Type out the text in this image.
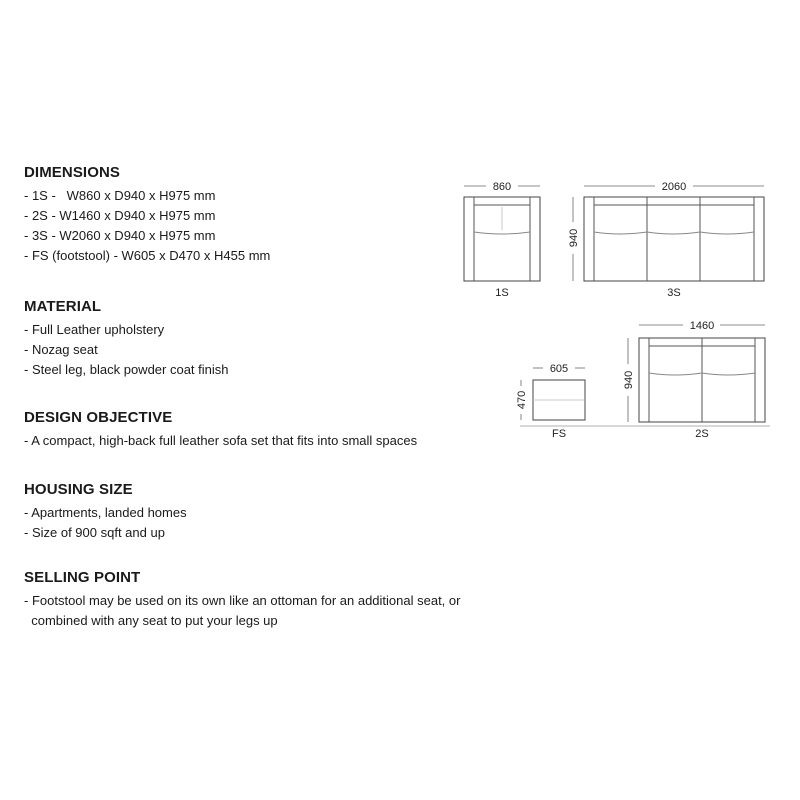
DIMENSIONS
- 1S -   W860 x D940 x H975 mm
- 2S - W1460 x D940 x H975 mm
- 3S - W2060 x D940 x H975 mm
- FS (footstool) - W605 x D470 x H455 mm
MATERIAL
- Full Leather upholstery
- Nozag seat
- Steel leg, black powder coat finish
DESIGN OBJECTIVE
- A compact, high-back full leather sofa set that fits into small spaces
HOUSING SIZE
- Apartments, landed homes
- Size of 900 sqft and up
SELLING POINT
- Footstool may be used on its own like an ottoman for an additional seat, or
combined with any seat to put your legs up
860	2060
940
1460
940
605
470
1S	3S
FS	2S
